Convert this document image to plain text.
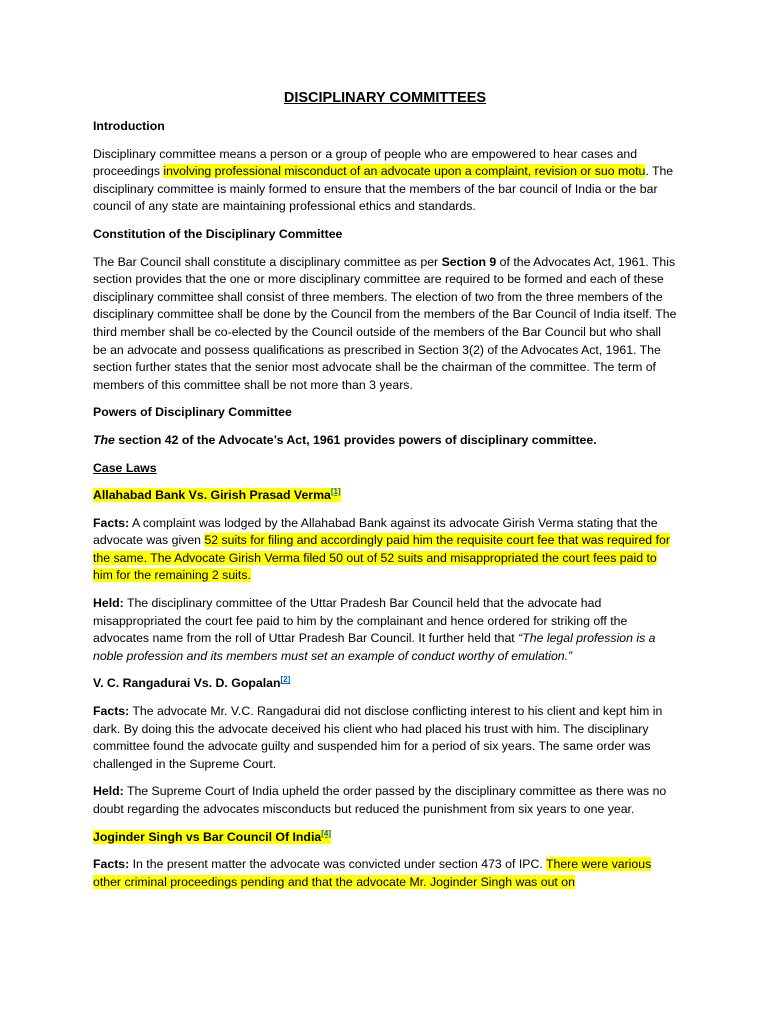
DISCIPLINARY COMMITTEES
Introduction

Disciplinary committee means a person or a group of people who are empowered to hear cases and proceedings involving professional misconduct of an advocate upon a complaint, revision or suo motu. The disciplinary committee is mainly formed to ensure that the members of the bar council of India or the bar council of any state are maintaining professional ethics and standards.

Constitution of the Disciplinary Committee

The Bar Council shall constitute a disciplinary committee as per Section 9 of the Advocates Act, 1961. This section provides that the one or more disciplinary committee are required to be formed and each of these disciplinary committee shall consist of three members. The election of two from the three members of the disciplinary committee shall be done by the Council from the members of the Bar Council of India itself. The third member shall be co-elected by the Council outside of the members of the Bar Council but who shall be an advocate and possess qualifications as prescribed in Section 3(2) of the Advocates Act, 1961. The section further states that the senior most advocate shall be the chairman of the committee. The term of members of this committee shall be not more than 3 years.

Powers of Disciplinary Committee

The section 42 of the Advocate’s Act, 1961 provides powers of disciplinary committee.

Case Laws
Allahabad Bank Vs. Girish Prasad Verma[1]

Facts: A complaint was lodged by the Allahabad Bank against its advocate Girish Verma stating that the advocate was given 52 suits for filing and accordingly paid him the requisite court fee that was required for the same. The Advocate Girish Verma filed 50 out of 52 suits and misappropriated the court fees paid to him for the remaining 2 suits.

Held: The disciplinary committee of the Uttar Pradesh Bar Council held that the advocate had misappropriated the court fee paid to him by the complainant and hence ordered for striking off the advocates name from the roll of Uttar Pradesh Bar Council. It further held that “The legal profession is a noble profession and its members must set an example of conduct worthy of emulation.”

V. C. Rangadurai Vs. D. Gopalan[2]

Facts: The advocate Mr. V.C. Rangadurai did not disclose conflicting interest to his client and kept him in dark. By doing this the advocate deceived his client who had placed his trust with him. The disciplinary committee found the advocate guilty and suspended him for a period of six years. The same order was challenged in the Supreme Court.

Held: The Supreme Court of India upheld the order passed by the disciplinary committee as there was no doubt regarding the advocates misconducts but reduced the punishment from six years to one year.

Joginder Singh vs Bar Council Of India[4]

Facts: In the present matter the advocate was convicted under section 473 of IPC. There were various other criminal proceedings pending and that the advocate Mr. Joginder Singh was out on
